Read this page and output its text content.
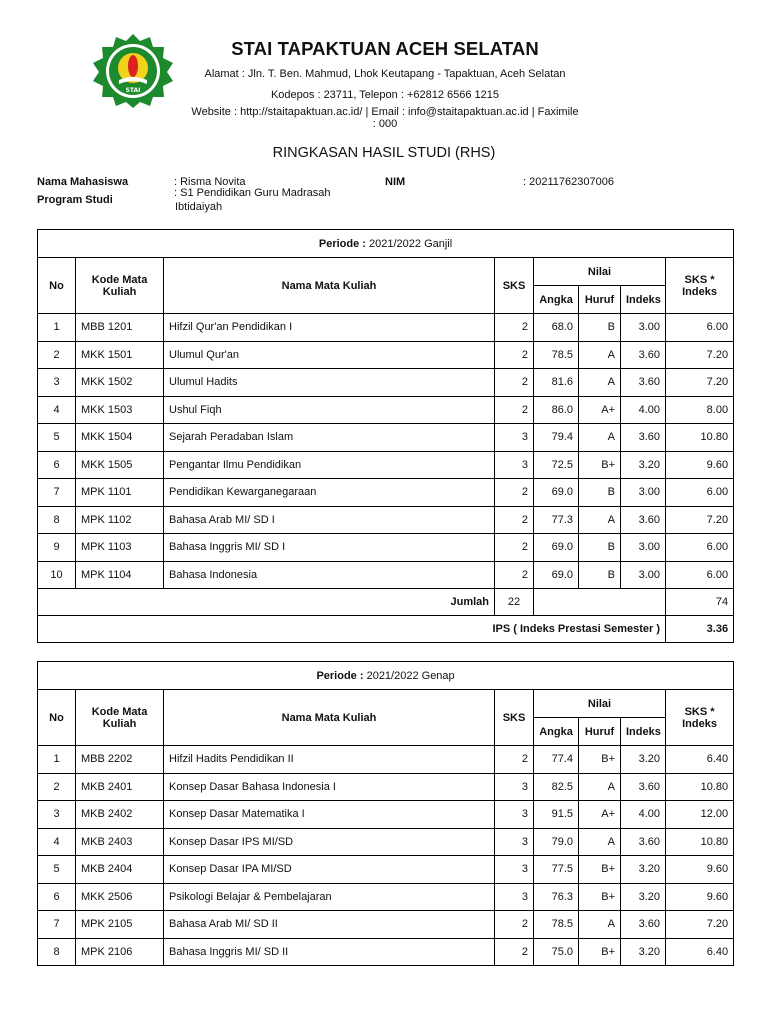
STAI
STAI TAPAKTUAN ACEH SELATAN
Alamat : Jln. T. Ben. Mahmud, Lhok Keutapang - Tapaktuan, Aceh Selatan
Kodepos : 23711, Telepon : +62812 6566 1215
Website : http://staitapaktuan.ac.id/ | Email : info@staitapaktuan.ac.id | Faximile : 000
RINGKASAN HASIL STUDI (RHS)
Nama Mahasiswa	: Risma Novita	NIM	: 20211762307006
Program Studi
: S1 Pendidikan Guru Madrasah
Ibtidaiyah
Periode : 2021/2022 Ganjil							
No	Kode Mata
Kuliah	Nama Mata Kuliah	SKS	Nilai			SKS *
Indeks
				Angka	Huruf	Indeks	
1	MBB 1201	Hifzil Qur'an Pendidikan I	2	68.0	B	3.00	6.00
2	MKK 1501	Ulumul Qur'an	2	78.5	A	3.60	7.20
3	MKK 1502	Ulumul Hadits	2	81.6	A	3.60	7.20
4	MKK 1503	Ushul Fiqh	2	86.0	A+	4.00	8.00
5	MKK 1504	Sejarah Peradaban Islam	3	79.4	A	3.60	10.80
6	MKK 1505	Pengantar Ilmu Pendidikan	3	72.5	B+	3.20	9.60
7	MPK 1101	Pendidikan Kewarganegaraan	2	69.0	B	3.00	6.00
8	MPK 1102	Bahasa Arab MI/ SD I	2	77.3	A	3.60	7.20
9	MPK 1103	Bahasa Inggris MI/ SD I	2	69.0	B	3.00	6.00
10	MPK 1104	Bahasa Indonesia	2	69.0	B	3.00	6.00
Jumlah			22				74
IPS ( Indeks Prestasi Semester )							3.36
Periode : 2021/2022 Genap							
No	Kode Mata
Kuliah	Nama Mata Kuliah	SKS	Nilai			SKS *
Indeks
				Angka	Huruf	Indeks	
1	MBB 2202	Hifzil Hadits Pendidikan II	2	77.4	B+	3.20	6.40
2	MKB 2401	Konsep Dasar Bahasa Indonesia I	3	82.5	A	3.60	10.80
3	MKB 2402	Konsep Dasar Matematika I	3	91.5	A+	4.00	12.00
4	MKB 2403	Konsep Dasar IPS MI/SD	3	79.0	A	3.60	10.80
5	MKB 2404	Konsep Dasar IPA MI/SD	3	77.5	B+	3.20	9.60
6	MKK 2506	Psikologi Belajar & Pembelajaran	3	76.3	B+	3.20	9.60
7	MPK 2105	Bahasa Arab MI/ SD II	2	78.5	A	3.60	7.20
8	MPK 2106	Bahasa Inggris MI/ SD II	2	75.0	B+	3.20	6.40
